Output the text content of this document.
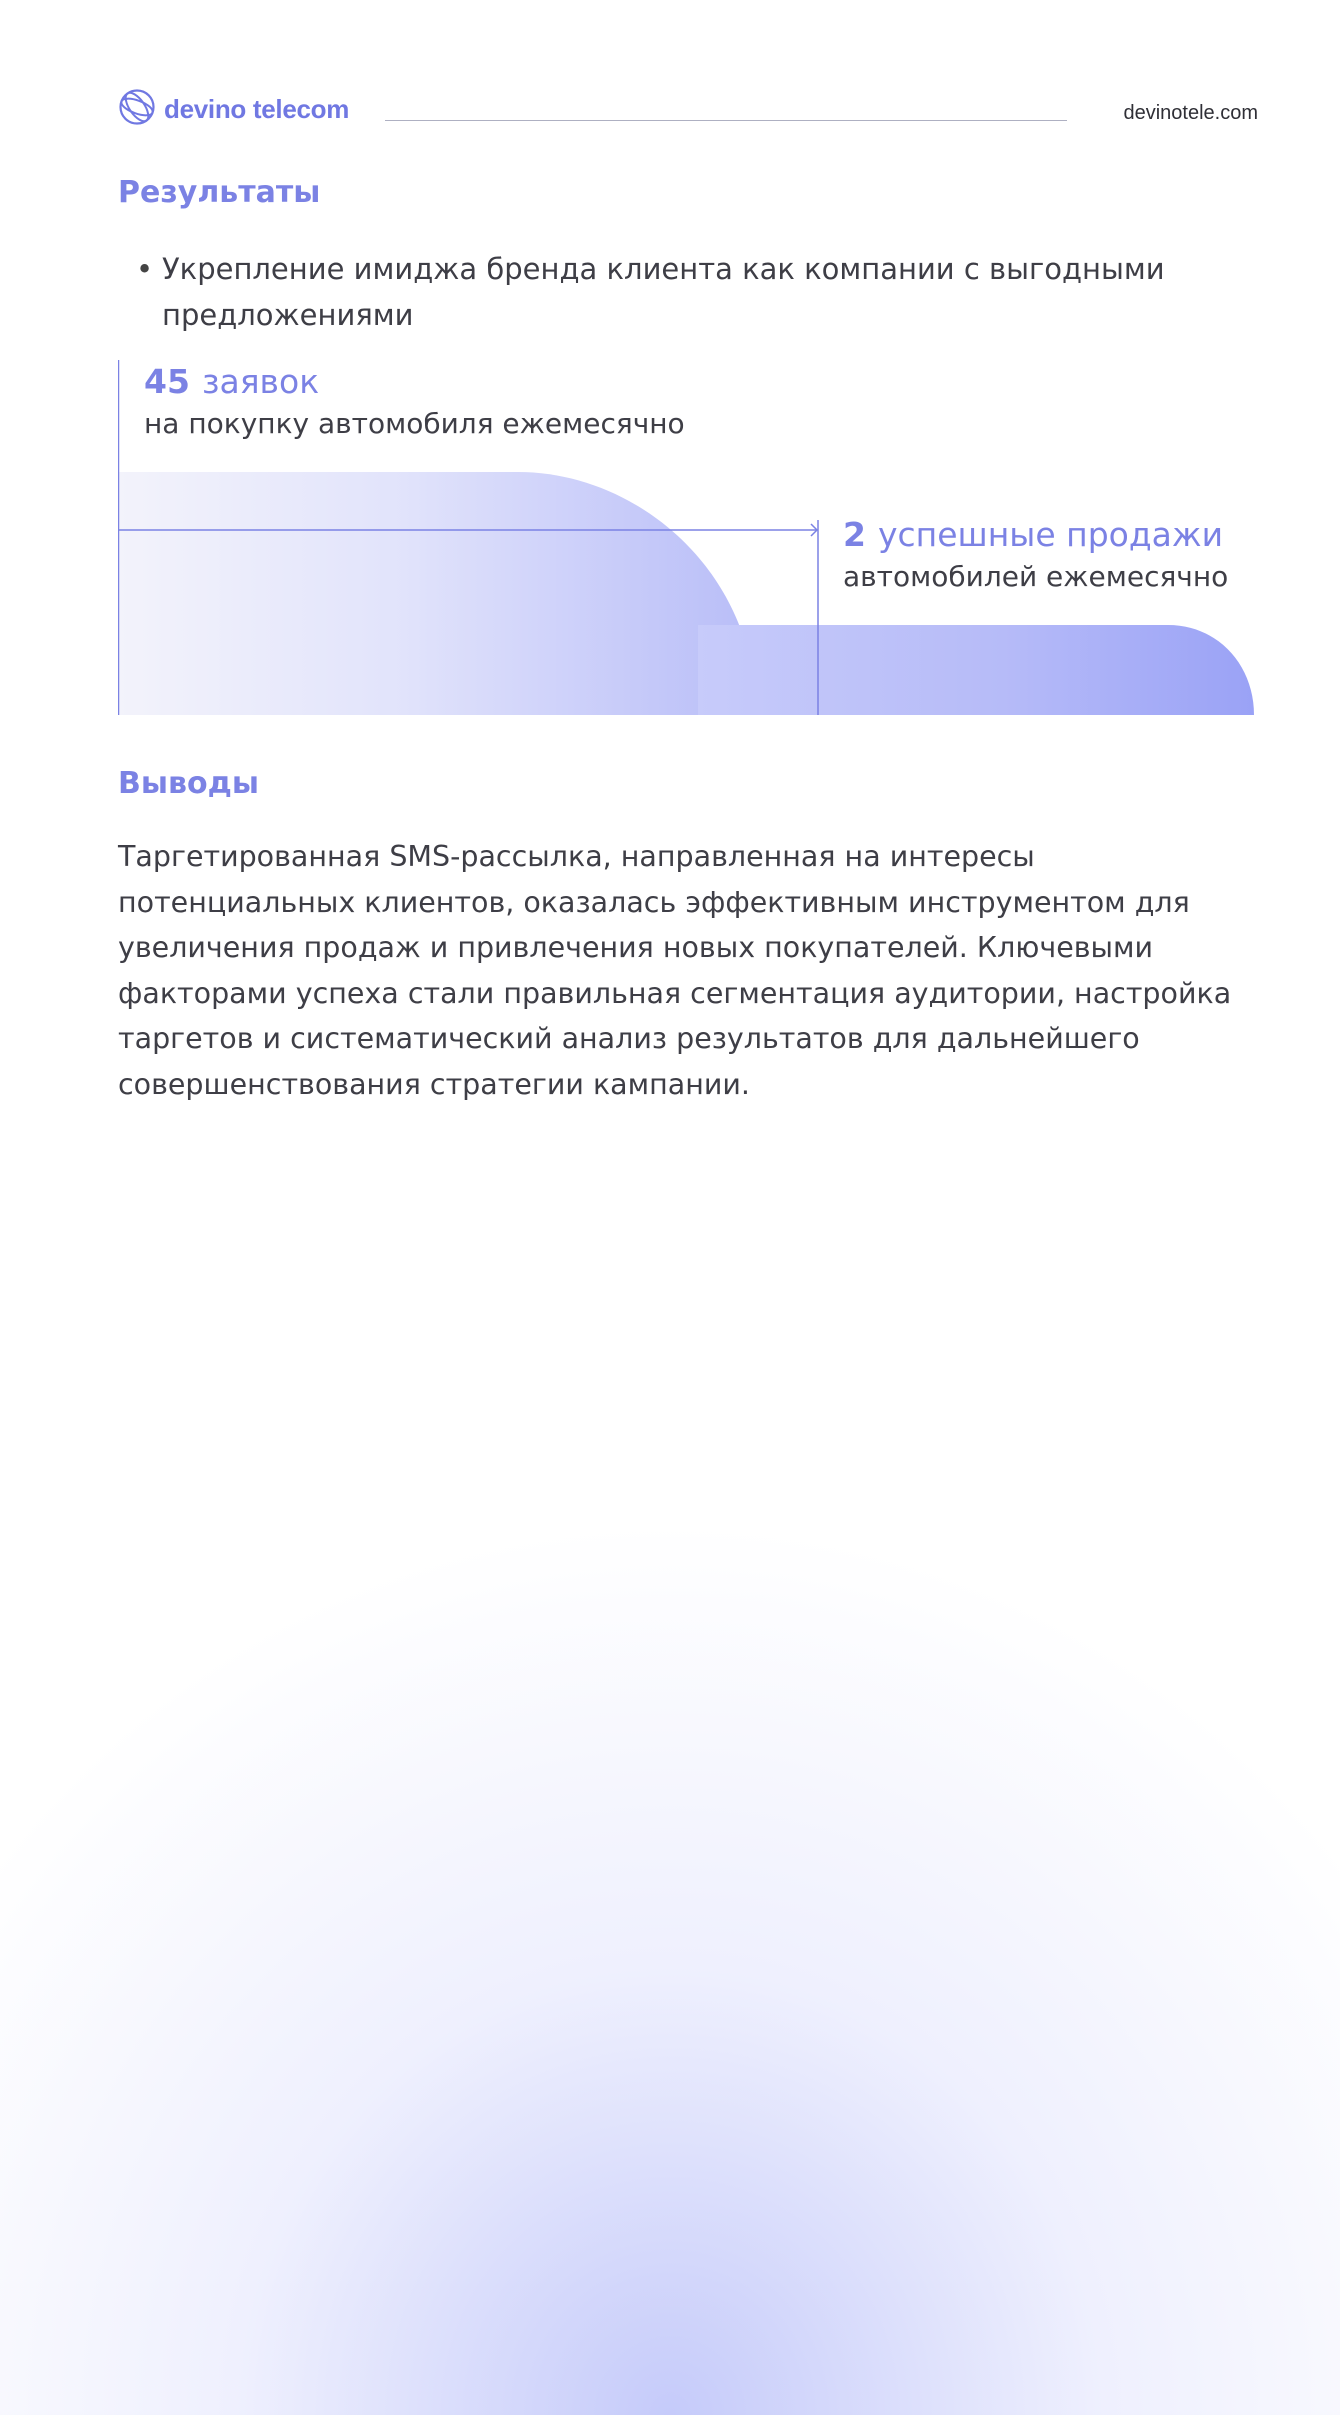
devino telecom	devinotele.com
Результаты
• Укрепление имиджа бренда клиента как компании с выгодными предложениями
45 заявок
на покупку автомобиля ежемесячно
2 успешные продажи
автомобилей ежемесячно
Выводы

Таргетированная SMS-рассылка, направленная на интересы потенциальных клиентов, оказалась эффективным инструментом для увеличения продаж и привлечения новых покупателей. Ключевыми факторами успеха стали правильная сегментация аудитории, настройка таргетов и систематический анализ результатов для дальнейшего совершенствования стратегии кампании.
